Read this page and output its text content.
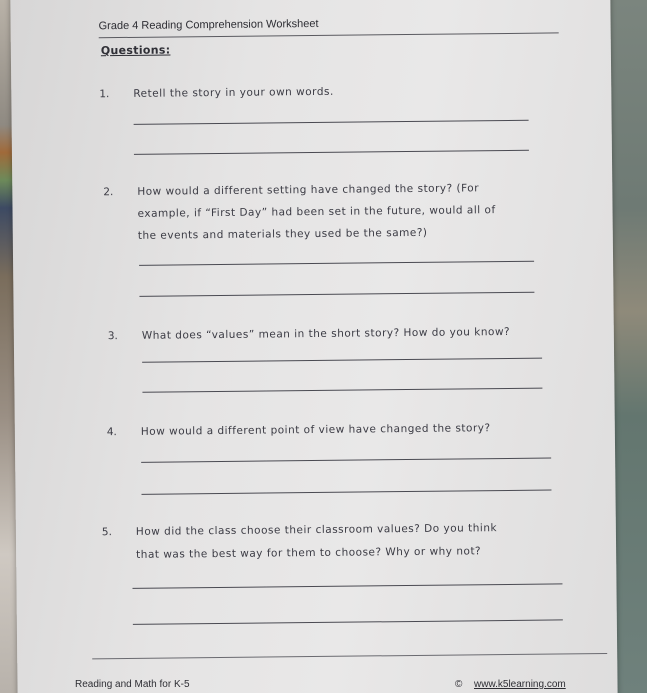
Grade 4 Reading Comprehension Worksheet
Questions:
1. Retell the story in your own words.
2. How would a different setting have changed the story? (For
example, if “First Day” had been set in the future, would all of
the events and materials they used be the same?)
3. What does “values” mean in the short story? How do you know?
4. How would a different point of view have changed the story?
5. How did the class choose their classroom values? Do you think
that was the best way for them to choose? Why or why not?
Reading and Math for K-5	© www.k5learning.com
